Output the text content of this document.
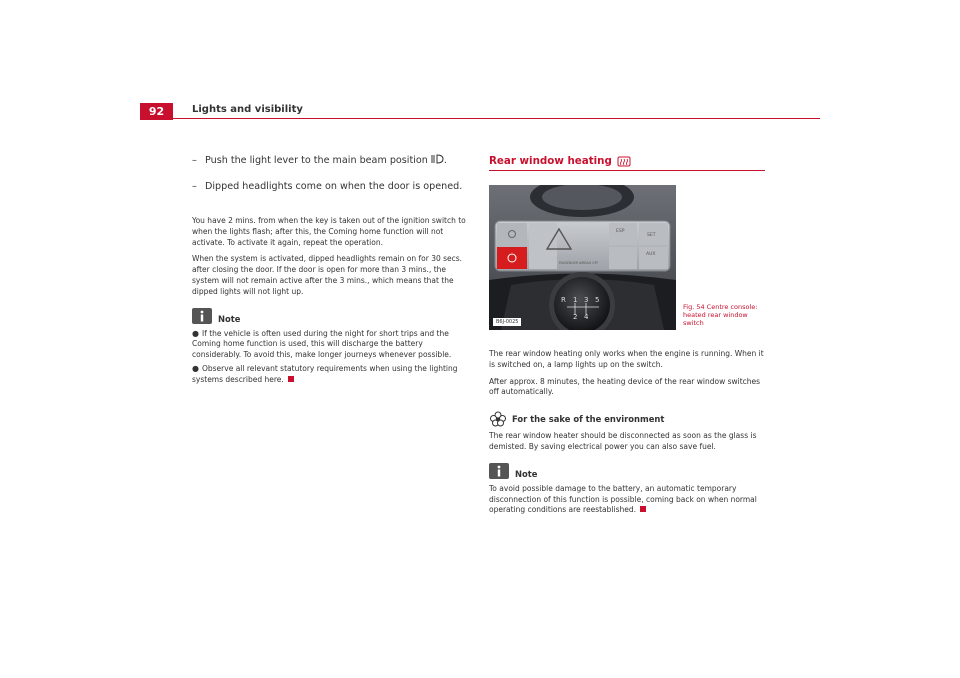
92	Lights and visibility
– Push the light lever to the main beam position .
– Dipped headlights come on when the door is opened.

You have 2 mins. from when the key is taken out of the ignition switch to when the lights flash; after this, the Coming home function will not activate. To activate it again, repeat the operation.

When the system is activated, dipped headlights remain on for 30 secs. after closing the door. If the door is open for more than 3 mins., the system will not remain active after the 3 mins., which means that the dipped lights will not light up.

Note

● If the vehicle is often used during the night for short trips and the Coming home function is used, this will discharge the battery considerably. To avoid this, make longer journeys whenever possible.

● Observe all relevant statutory requirements when using the lighting systems described here.

Rear window heating
ESP
SET
AUX
PASSENGER AIRBAG OFF
R 1 3 5
2 4
B6J-0025
Fig. 54 Centre console: heated rear window switch

The rear window heating only works when the engine is running. When it is switched on, a lamp lights up on the switch.

After approx. 8 minutes, the heating device of the rear window switches off automatically.

For the sake of the environment

The rear window heater should be disconnected as soon as the glass is demisted. By saving electrical power you can also save fuel.

Note

To avoid possible damage to the battery, an automatic temporary disconnection of this function is possible, coming back on when normal operating conditions are reestablished.
